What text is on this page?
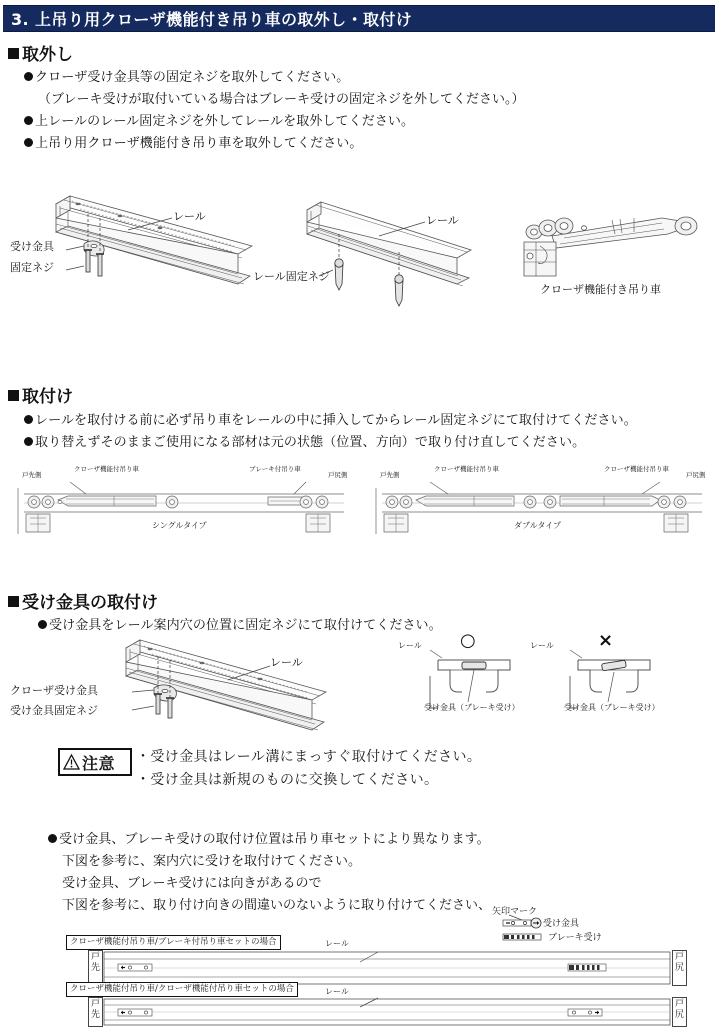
3. 上吊り用クローザ機能付き吊り車の取外し・取付け
取外し
クローザ受け金具等の固定ネジを取外してください。
（ブレーキ受けが取付いている場合はブレーキ受けの固定ネジを外してください。）
上レールのレール固定ネジを外してレールを取外してください。
上吊り用クローザ機能付き吊り車を取外してください。
レール
受け金具
固定ネジ
レール
レール固定ネジ
クローザ機能付き吊り車
取付け
レールを取付ける前に必ず吊り車をレールの中に挿入してからレール固定ネジにて取付けてください。
取り替えずそのままご使用になる部材は元の状態（位置、方向）で取り付け直してください。
戸先側	戸尻側
クローザ機能付吊り車	ブレーキ付吊り車
シングルタイプ
戸先側	戸尻側
クローザ機能付吊り車	クローザ機能付吊り車
ダブルタイプ
受け金具の取付け
受け金具をレール案内穴の位置に固定ネジにて取付けてください。
レール
クローザ受け金具
受け金具固定ネジ
レール ○
受け金具（ブレーキ受け）
レール ×
受け金具（ブレーキ受け）
注意 ・受け金具はレール溝にまっすぐ取付けてください。
・受け金具は新規のものに交換してください。
受け金具、ブレーキ受けの取付け位置は吊り車セットにより異なります。
下図を参考に、案内穴に受けを取付けてください。
受け金具、ブレーキ受けには向きがあるので
下図を参考に、取り付け向きの間違いのないように取り付けてください、 矢印マーク
受け金具
ブレーキ受け
クローザ機能付吊り車/ブレーキ付吊り車セットの場合	レール
戸
先
戸
尻
クローザ機能付吊り車/クローザ機能付吊り車セットの場合	レール
戸
先
戸
尻
